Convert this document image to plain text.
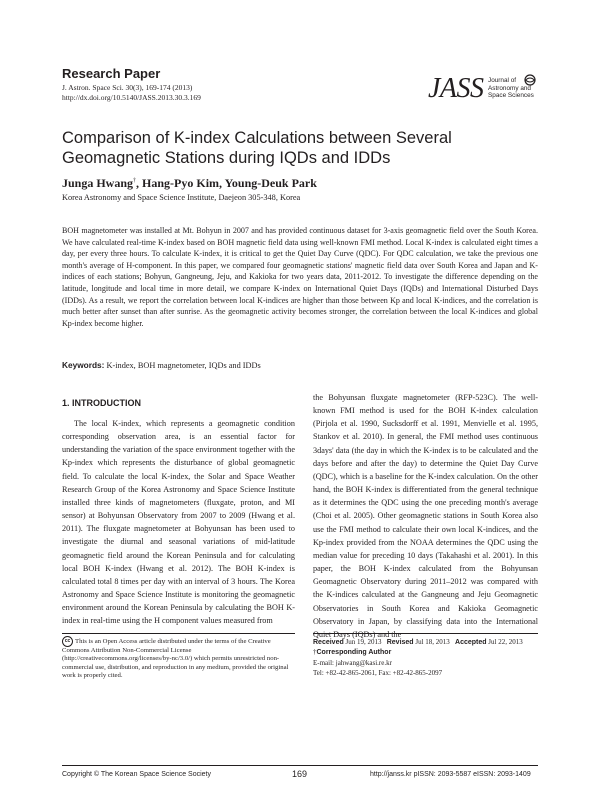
Research Paper
J. Astron. Space Sci. 30(3), 169-174 (2013)
http://dx.doi.org/10.5140/JASS.2013.30.3.169	JASS Journal of
Astronomy and
Space Sciences
Comparison of K-index Calculations between Several Geomagnetic Stations during IQDs and IDDs
Junga Hwang†, Hang-Pyo Kim, Young-Deuk Park
Korea Astronomy and Space Science Institute, Daejeon 305-348, Korea
BOH magnetometer was installed at Mt. Bohyun in 2007 and has provided continuous dataset for 3-axis geomagnetic field over the South Korea. We have calculated real-time K-index based on BOH magnetic field data using well-known FMI method. Local K-index is calculated eight times a day, per every three hours. To calculate K-index, it is critical to get the Quiet Day Curve (QDC). For QDC calculation, we take the previous one month's average of H-component. In this paper, we compared four geomagnetic stations' magnetic field data over South Korea and Japan and K-indices of each stations; Bohyun, Gangneung, Jeju, and Kakioka for two years data, 2011-2012. To investigate the difference depending on the latitude, longitude and local time in more detail, we compare K-index on International Quiet Days (IQDs) and International Disturbed Days (IDDs). As a result, we report the correlation between local K-indices are higher than those between Kp and local K-indices, and the correlation is much better after sunset than after sunrise. As the geomagnetic activity becomes stronger, the correlation between the local K-indices and global Kp-index become higher.
Keywords: K-index, BOH magnetometer, IQDs and IDDs
1. INTRODUCTION
The local K-index, which represents a geomagnetic condition corresponding observation area, is an essential factor for understanding the variation of the space environment together with the Kp-index which represents the disturbance of global geomagnetic field. To calculate the local K-index, the Solar and Space Weather Research Group of the Korea Astronomy and Space Science Institute installed three kinds of magnetometers (fluxgate, proton, and MI sensor) at Bohyunsan Observatory from 2007 to 2009 (Hwang et al. 2011). The fluxgate magnetometer at Bohyunsan has been used to investigate the diurnal and seasonal variations of mid-latitude geomagnetic field around the Korean Peninsula and for calculating local BOH K-index (Hwang et al. 2012). The BOH K-index is calculated total 8 times per day with an interval of 3 hours. The Korea Astronomy and Space Science Institute is monitoring the geomagnetic environment around the Korean Peninsula by calculating the BOH K-index in real-time using the H component values measured from
the Bohyunsan fluxgate magnetometer (RFP-523C). The well-known FMI method is used for the BOH K-index calculation (Pirjola et al. 1990, Sucksdorff et al. 1991, Menvielle et al. 1995, Stankov et al. 2010). In general, the FMI method uses continuous 3days' data (the day in which the K-index is to be calculated and the days before and after the day) to determine the Quiet Day Curve (QDC), which is a baseline for the K-index calculation. On the other hand, the BOH K-index is differentiated from the general technique as it determines the QDC using the one preceding month's average (Choi et al. 2005). Other geomagnetic stations in South Korea also use the FMI method to calculate their own local K-indices, and the Kp-index provided from the NOAA determines the QDC using the median value for preceding 10 days (Takahashi et al. 2001). In this paper, the BOH K-index calculated from the Bohyunsan Geomagnetic Observatory during 2011–2012 was compared with the K-indices calculated at the Gangneung and Jeju Geomagnetic Observatories in South Korea and Kakioka Geomagnetic Observatory in Japan, by classifying data into the International Quiet Days (IQDs) and the
cc This is an Open Access article distributed under the terms of the Creative Commons Attribution Non-Commercial License (http://creativecommons.org/licenses/by-nc/3.0/) which permits unrestricted non-commercial use, distribution, and reproduction in any medium, provided the original work is properly cited.
Received Jun 19, 2013 Revised Jul 18, 2013 Accepted Jul 22, 2013
†Corresponding Author
E-mail: jahwang@kasi.re.kr
Tel: +82-42-865-2061, Fax: +82-42-865-2097
Copyright © The Korean Space Science Society	169	http://janss.kr pISSN: 2093-5587 eISSN: 2093-1409
